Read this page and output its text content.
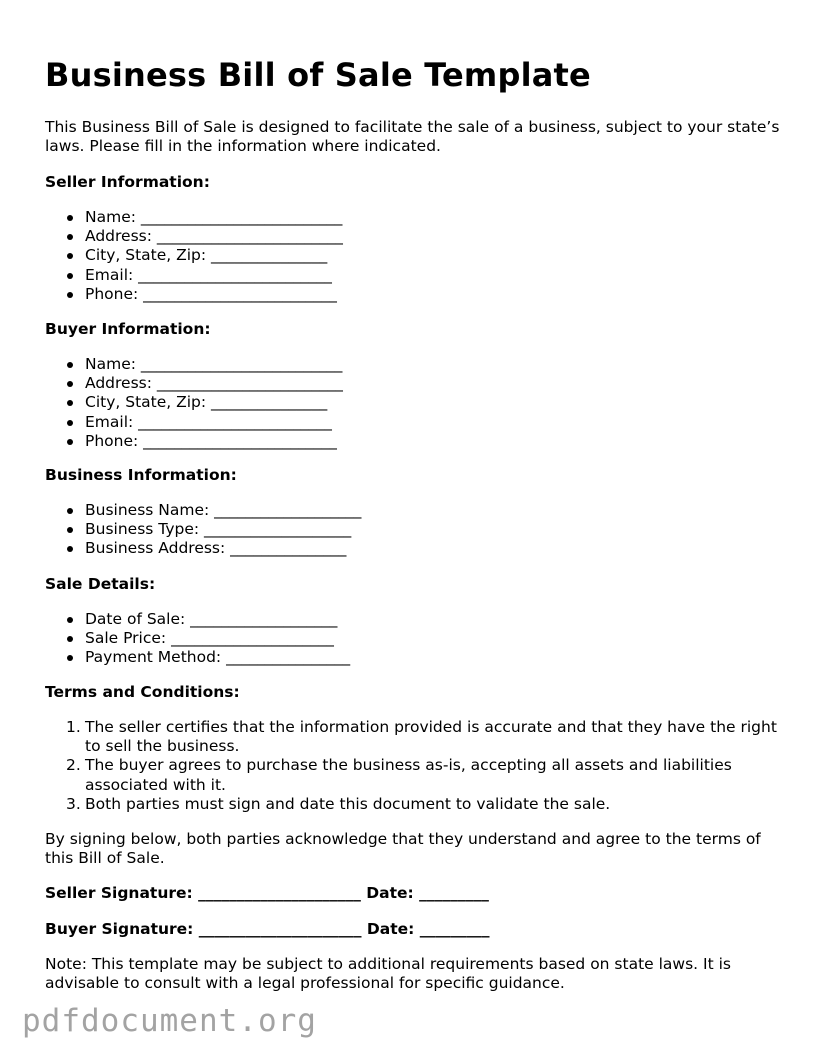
Business Bill of Sale Template
This Business Bill of Sale is designed to facilitate the sale of a business, subject to your state’s laws. Please fill in the information where indicated.
Seller Information:
Name: __________________________
Address: ________________________
City, State, Zip: _______________
Email: _________________________
Phone: _________________________
Buyer Information:
Name: __________________________
Address: ________________________
City, State, Zip: _______________
Email: _________________________
Phone: _________________________
Business Information:
Business Name: ___________________
Business Type: ___________________
Business Address: _______________
Sale Details:
Date of Sale: ___________________
Sale Price: _____________________
Payment Method: ________________
Terms and Conditions:
1. The seller certifies that the information provided is accurate and that they have the right to sell the business.
2. The buyer agrees to purchase the business as-is, accepting all assets and liabilities associated with it.
3. Both parties must sign and date this document to validate the sale.
By signing below, both parties acknowledge that they understand and agree to the terms of this Bill of Sale.
Seller Signature: _____________________ Date: _________
Buyer Signature: _____________________ Date: _________
Note: This template may be subject to additional requirements based on state laws. It is advisable to consult with a legal professional for specific guidance.
pdfdocument.org
